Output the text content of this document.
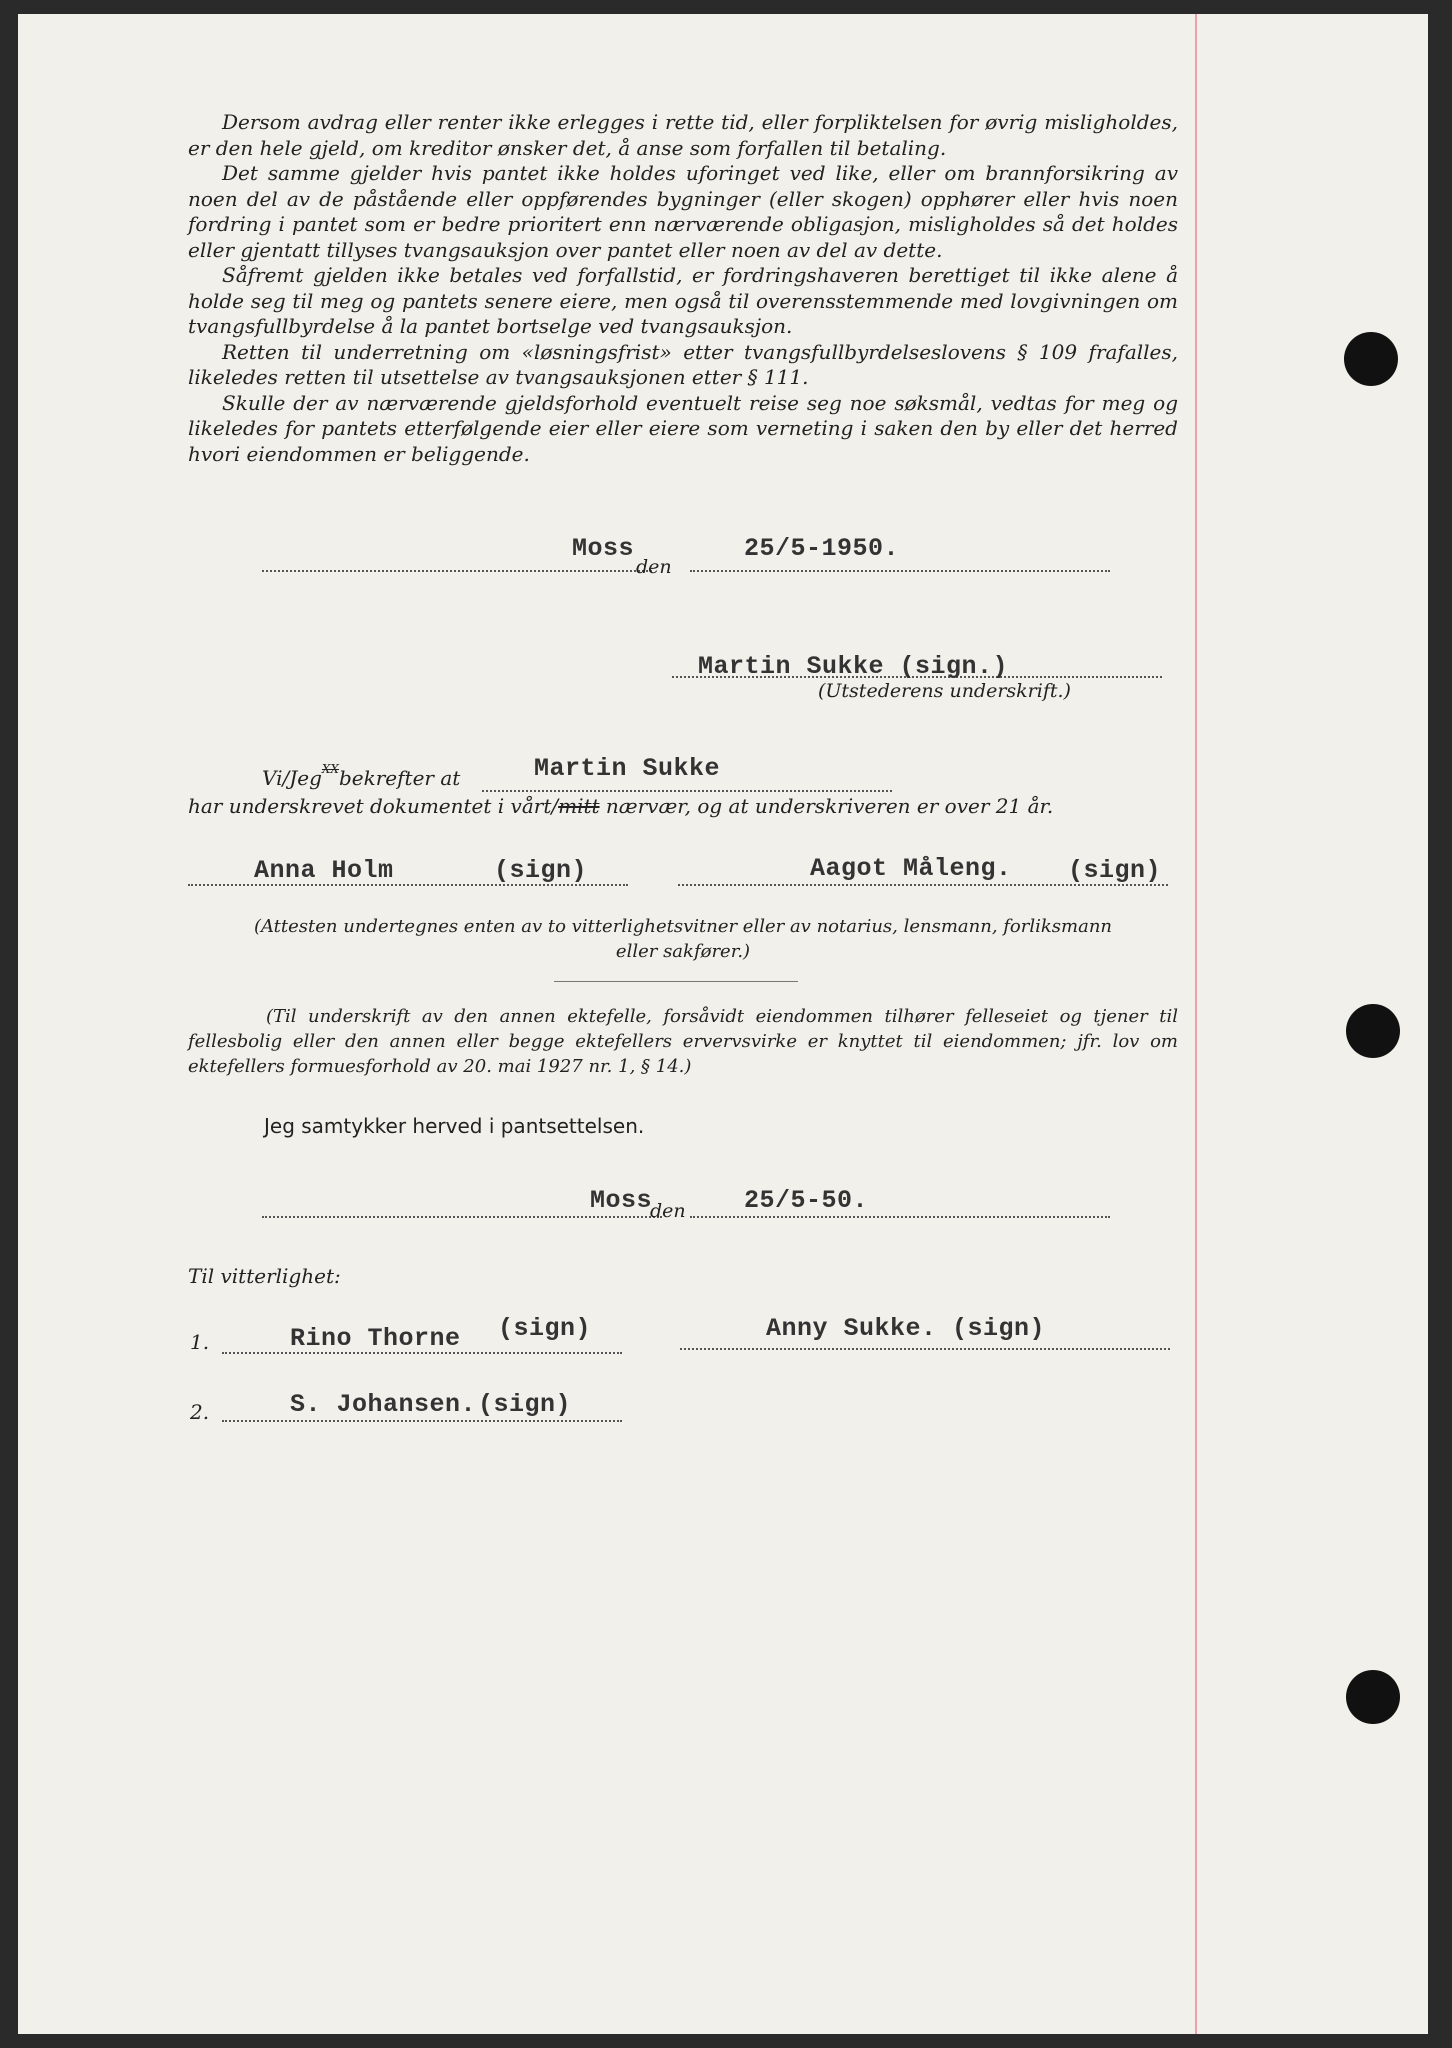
Dersom avdrag eller renter ikke erlegges i rette tid, eller forpliktelsen for øvrig misligholdes, er den hele gjeld, om kreditor ønsker det, å anse som forfallen til betaling.

Det samme gjelder hvis pantet ikke holdes uforinget ved like, eller om brannforsikring av noen del av de påstående eller oppførendes bygninger (eller skogen) opphører eller hvis noen fordring i pantet som er bedre prioritert enn nærværende obligasjon, misligholdes så det holdes eller gjentatt tillyses tvangsauksjon over pantet eller noen av del av dette.

Såfremt gjelden ikke betales ved forfallstid, er fordringshaveren berettiget til ikke alene å holde seg til meg og pantets senere eiere, men også til overensstemmende med lovgivningen om tvangsfullbyrdelse å la pantet bortselge ved tvangsauksjon.

Retten til underretning om «løsningsfrist» etter tvangsfullbyrdelseslovens § 109 frafalles, likeledes retten til utsettelse av tvangsauksjonen etter § 111.

Skulle der av nærværende gjeldsforhold eventuelt reise seg noe søksmål, vedtas for meg og likeledes for pantets etterfølgende eier eller eiere som verneting i saken den by eller det herred hvori eiendommen er beliggende.

Moss
den
25/5-1950.
Martin Sukke (sign.)
(Utstederens underskrift.)
Vi/Jeg$^{XX}$bekrefter at	Martin Sukke
har underskrevet dokumentet i vårt/mitt nærvær, og at underskriveren er over 21 år.
Anna Holm	(sign)	Aagot Måleng. (sign)
(Attesten undertegnes enten av to vitterlighetsvitner eller av notarius, lensmann, forliksmann
eller sakfører.)

(Til underskrift av den annen ektefelle, forsåvidt eiendommen tilhører felleseiet og tjener til fellesbolig eller den annen eller begge ektefellers ervervsvirke er knyttet til eiendommen; jfr. lov om ektefellers formuesforhold av 20. mai 1927 nr. 1, § 14.)

Jeg samtykker herved i pantsettelsen.
Moss
den 25/5-50.
Til vitterlighet:
1.	Rino Thorne (sign)	Anny Sukke. (sign)
2.	S. Johansen. (sign)
